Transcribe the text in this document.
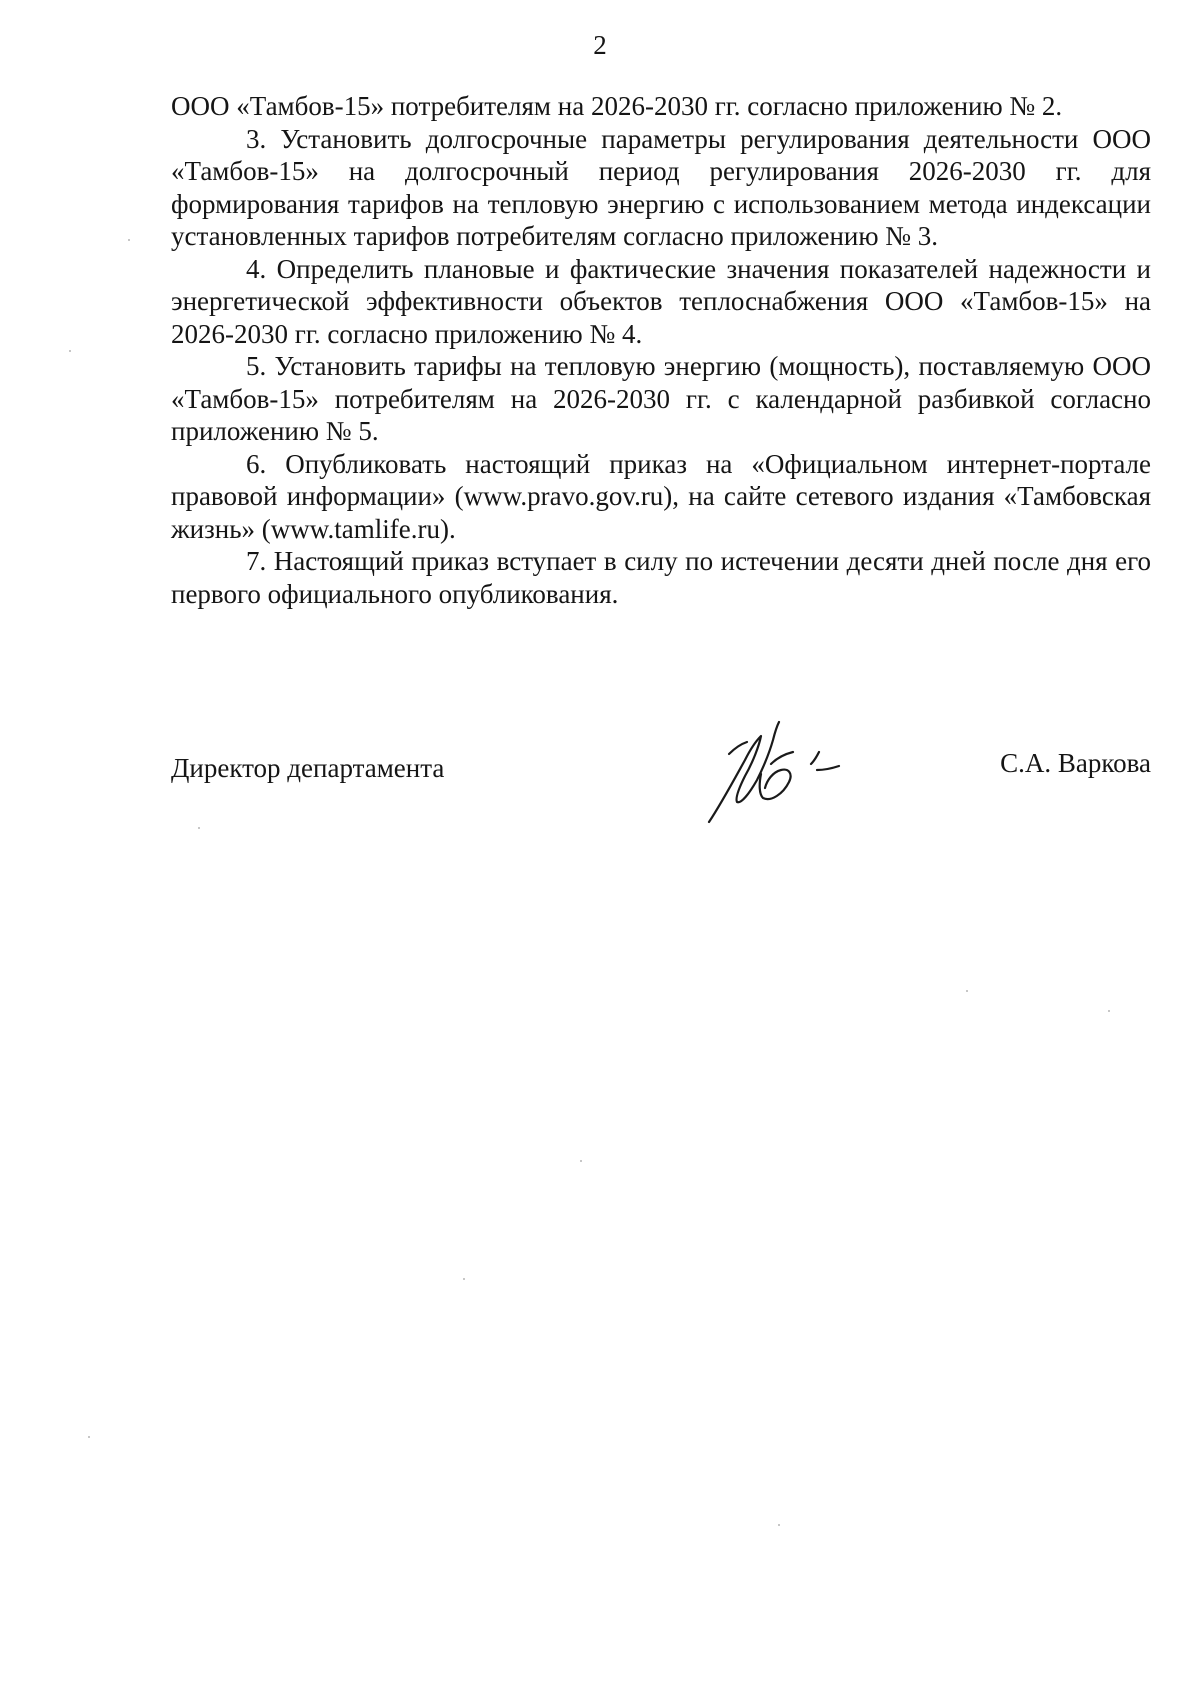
2

ООО «Тамбов-15» потребителям на 2026-2030 гг. согласно приложению № 2.

3. Установить долгосрочные параметры регулирования деятельности ООО «Тамбов-15» на долгосрочный период регулирования 2026-2030 гг. для формирования тарифов на тепловую энергию с использованием метода индексации установленных тарифов потребителям согласно приложению № 3.

4. Определить плановые и фактические значения показателей надежности и энергетической эффективности объектов теплоснабжения ООО «Тамбов-15» на 2026-2030 гг. согласно приложению № 4.

5. Установить тарифы на тепловую энергию (мощность), поставляемую ООО «Тамбов-15» потребителям на 2026-2030 гг. с календарной разбивкой согласно приложению № 5.

6. Опубликовать настоящий приказ на «Официальном интернет-портале правовой информации» (www.pravo.gov.ru), на сайте сетевого издания «Тамбовская жизнь» (www.tamlife.ru).

7. Настоящий приказ вступает в силу по истечении десяти дней после дня его первого официального опубликования.

Директор департамента	С.А. Варкова
